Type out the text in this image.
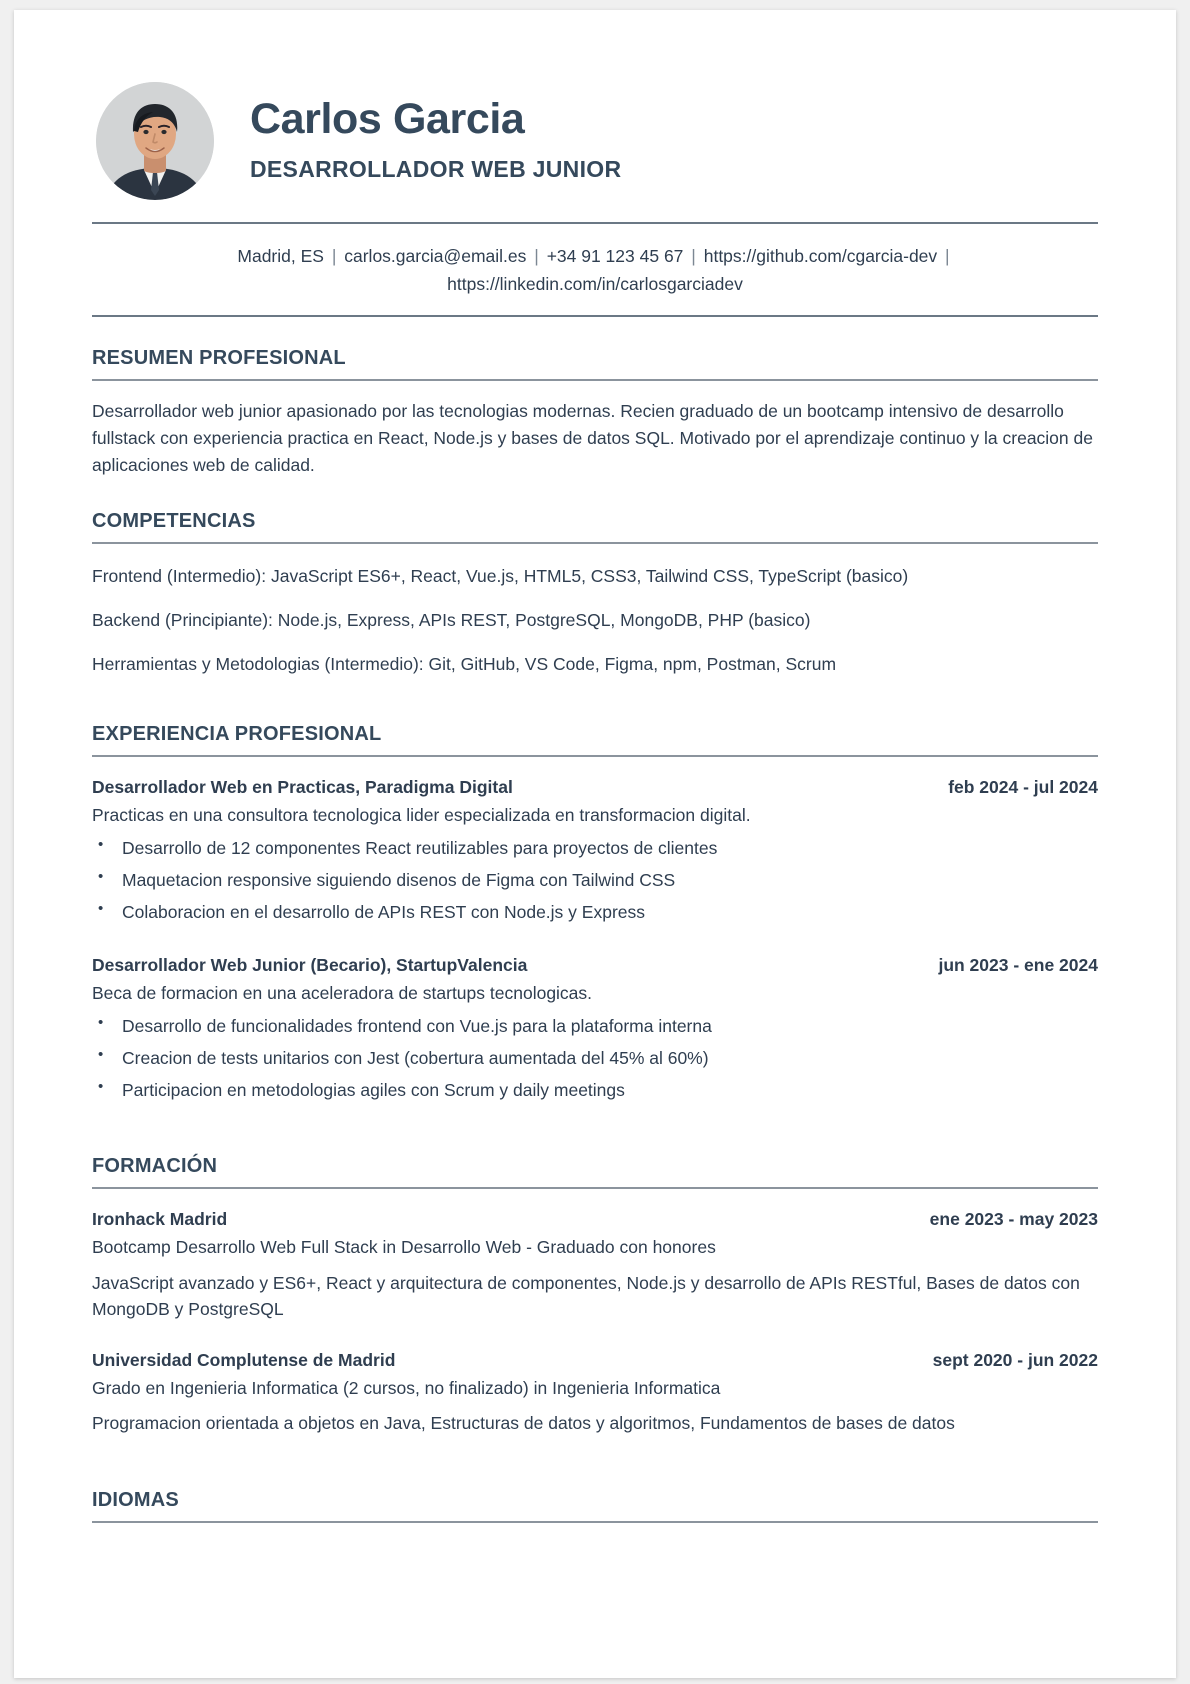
Carlos Garcia
DESARROLLADOR WEB JUNIOR
Madrid, ES | carlos.garcia@email.es | +34 91 123 45 67 | https://github.com/cgarcia-dev | https://linkedin.com/in/carlosgarciadev
RESUMEN PROFESIONAL

Desarrollador web junior apasionado por las tecnologias modernas. Recien graduado de un bootcamp intensivo de desarrollo fullstack con experiencia practica en React, Node.js y bases de datos SQL. Motivado por el aprendizaje continuo y la creacion de aplicaciones web de calidad.

COMPETENCIAS

Frontend (Intermedio): JavaScript ES6+, React, Vue.js, HTML5, CSS3, Tailwind CSS, TypeScript (basico)

Backend (Principiante): Node.js, Express, APIs REST, PostgreSQL, MongoDB, PHP (basico)

Herramientas y Metodologias (Intermedio): Git, GitHub, VS Code, Figma, npm, Postman, Scrum

EXPERIENCIA PROFESIONAL
Desarrollador Web en Practicas, Paradigma Digital	feb 2024 - jul 2024
Practicas en una consultora tecnologica lider especializada en transformacion digital.
• Desarrollo de 12 componentes React reutilizables para proyectos de clientes
• Maquetacion responsive siguiendo disenos de Figma con Tailwind CSS
• Colaboracion en el desarrollo de APIs REST con Node.js y Express
Desarrollador Web Junior (Becario), StartupValencia	jun 2023 - ene 2024
Beca de formacion en una aceleradora de startups tecnologicas.
• Desarrollo de funcionalidades frontend con Vue.js para la plataforma interna
• Creacion de tests unitarios con Jest (cobertura aumentada del 45% al 60%)
• Participacion en metodologias agiles con Scrum y daily meetings
FORMACIÓN
Ironhack Madrid	ene 2023 - may 2023
Bootcamp Desarrollo Web Full Stack in Desarrollo Web - Graduado con honores
JavaScript avanzado y ES6+, React y arquitectura de componentes, Node.js y desarrollo de APIs RESTful, Bases de datos con MongoDB y PostgreSQL
Universidad Complutense de Madrid	sept 2020 - jun 2022
Grado en Ingenieria Informatica (2 cursos, no finalizado) in Ingenieria Informatica
Programacion orientada a objetos en Java, Estructuras de datos y algoritmos, Fundamentos de bases de datos
IDIOMAS
